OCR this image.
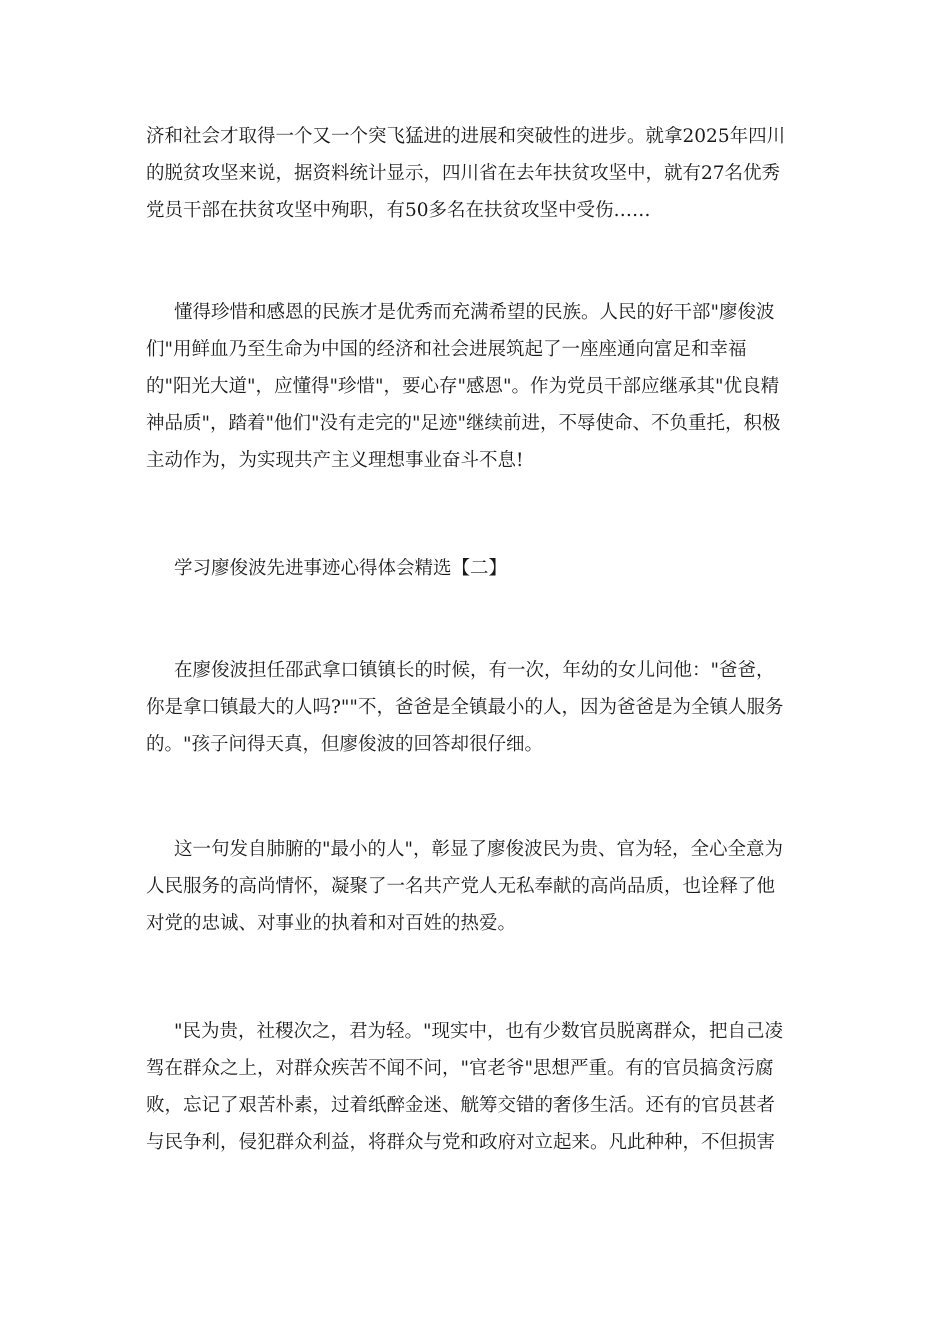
济和社会才取得一个又一个突飞猛进的进展和突破性的进步。就拿2025年四川
的脱贫攻坚来说，据资料统计显示，四川省在去年扶贫攻坚中，就有27名优秀
党员干部在扶贫攻坚中殉职，有50多名在扶贫攻坚中受伤……
懂得珍惜和感恩的民族才是优秀而充满希望的民族。人民的好干部"廖俊波
们"用鲜血乃至生命为中国的经济和社会进展筑起了一座座通向富足和幸福
的"阳光大道"，应懂得"珍惜"，要心存"感恩"。作为党员干部应继承其"优良精
神品质"，踏着"他们"没有走完的"足迹"继续前进，不辱使命、不负重托，积极
主动作为，为实现共产主义理想事业奋斗不息!
学习廖俊波先进事迹心得体会精选【二】
在廖俊波担任邵武拿口镇镇长的时候，有一次，年幼的女儿问他："爸爸，
你是拿口镇最大的人吗?""不，爸爸是全镇最小的人，因为爸爸是为全镇人服务
的。"孩子问得天真，但廖俊波的回答却很仔细。
这一句发自肺腑的"最小的人"，彰显了廖俊波民为贵、官为轻，全心全意为
人民服务的高尚情怀，凝聚了一名共产党人无私奉献的高尚品质，也诠释了他
对党的忠诚、对事业的执着和对百姓的热爱。
"民为贵，社稷次之，君为轻。"现实中，也有少数官员脱离群众，把自己凌
驾在群众之上，对群众疾苦不闻不问，"官老爷"思想严重。有的官员搞贪污腐
败，忘记了艰苦朴素，过着纸醉金迷、觥筹交错的奢侈生活。还有的官员甚者
与民争利，侵犯群众利益，将群众与党和政府对立起来。凡此种种，不但损害
